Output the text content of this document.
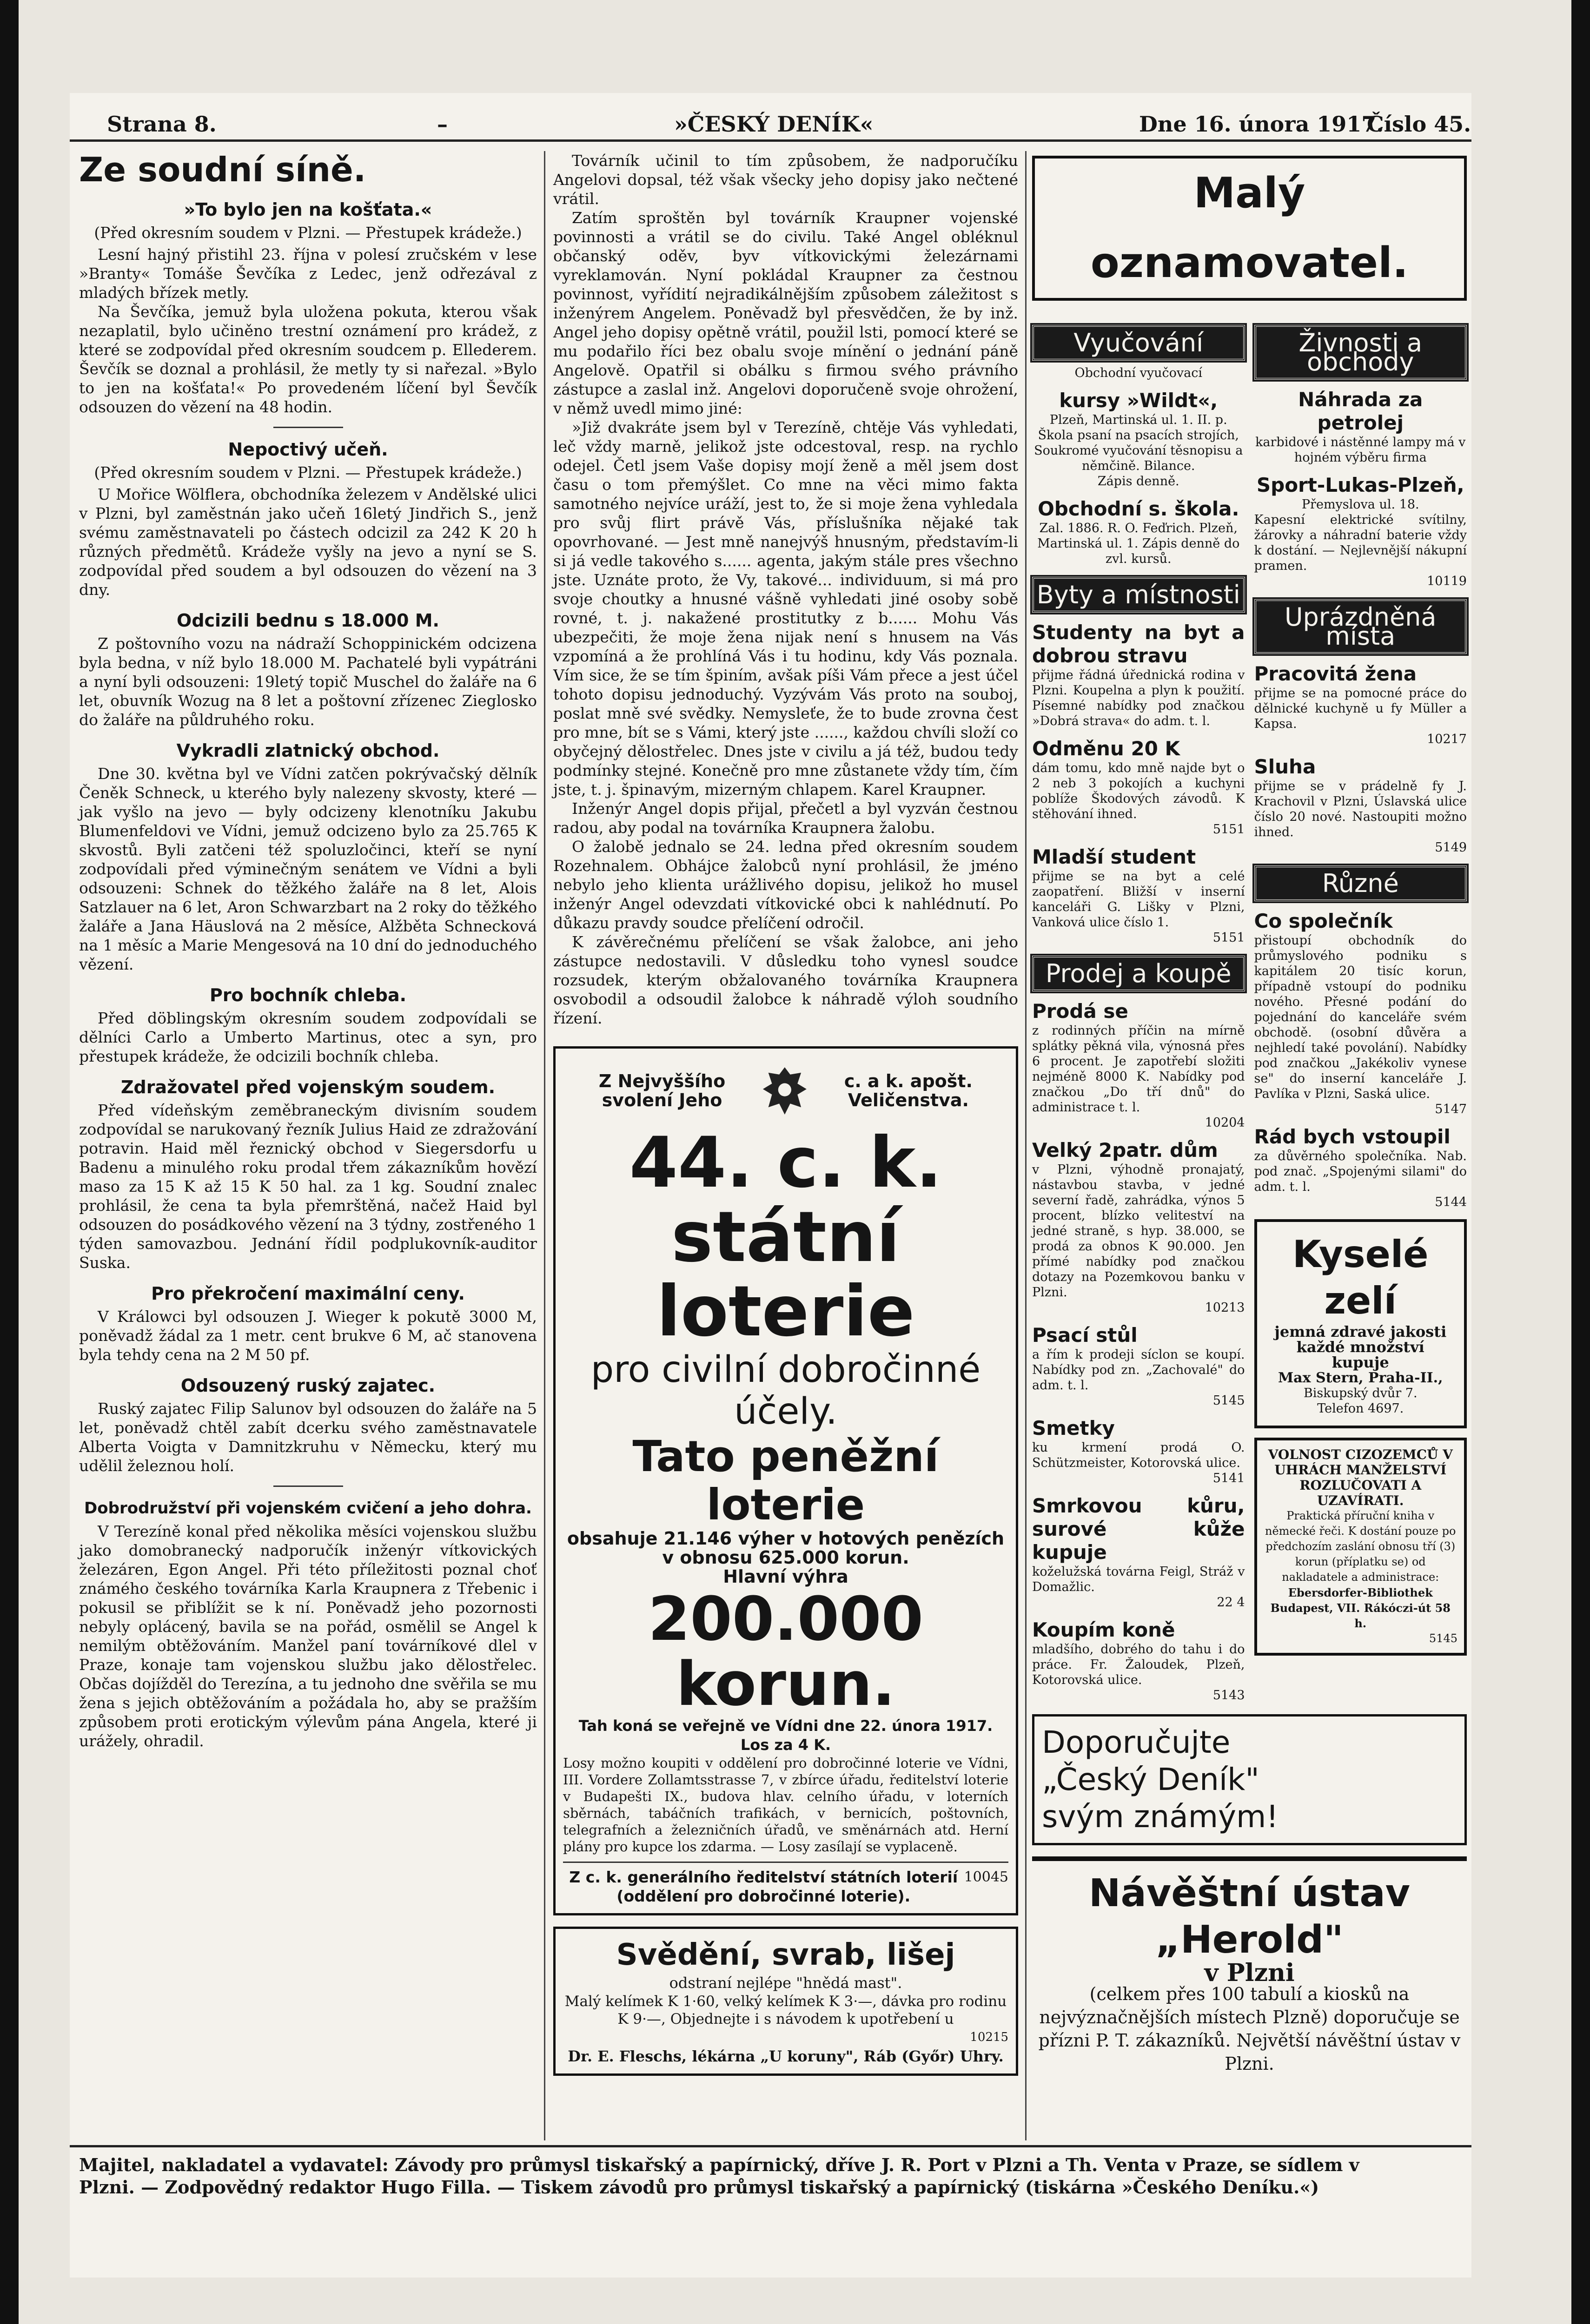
Strana 8.	–	»ČESKÝ DENÍK«	Dne 16. února 1917.
Číslo 45.
Ze soudní síně.
»To bylo jen na košťata.«
(Před okresním soudem v Plzni. — Přestupek krádeže.)

Lesní hajný přistihl 23. října v polesí zručském v lese »Branty« Tomáše Ševčíka z Ledec, jenž odřezával z mladých břízek metly.

Na Ševčíka, jemuž byla uložena pokuta, kterou však nezaplatil, bylo učiněno trestní oznámení pro krádež, z které se zodpovídal před okresním soudcem p. Ellederem. Ševčík se doznal a prohlásil, že metly ty si nařezal. »Bylo to jen na košťata!« Po provedeném líčení byl Ševčík odsouzen do vězení na 48 hodin.

Nepoctivý učeň.
(Před okresním soudem v Plzni. — Přestupek krádeže.)

U Mořice Wölflera, obchodníka železem v Andělské ulici v Plzni, byl zaměstnán jako učeň 16letý Jindřich S., jenž svému zaměstnavateli po částech odcizil za 242 K 20 h různých předmětů. Krádeže vyšly na jevo a nyní se S. zodpovídal před soudem a byl odsouzen do vězení na 3 dny.

Odcizili bednu s 18.000 M.

Z poštovního vozu na nádraží Schoppinickém odcizena byla bedna, v níž bylo 18.000 M. Pachatelé byli vypátráni a nyní byli odsouzeni: 19letý topič Muschel do žaláře na 6 let, obuvník Wozug na 8 let a poštovní zřízenec Zieglosko do žaláře na půldruhého roku.

Vykradli zlatnický obchod.

Dne 30. května byl ve Vídni zatčen pokrývačský dělník Čeněk Schneck, u kterého byly nalezeny skvosty, které — jak vyšlo na jevo — byly odcizeny klenotníku Jakubu Blumenfeldovi ve Vídni, jemuž odcizeno bylo za 25.765 K skvostů. Byli zatčeni též spoluzločinci, kteří se nyní zodpovídali před výminečným senátem ve Vídni a byli odsouzeni: Schnek do těžkého žaláře na 8 let, Alois Satzlauer na 6 let, Aron Schwarzbart na 2 roky do těžkého žaláře a Jana Häuslová na 2 měsíce, Alžběta Schnecková na 1 měsíc a Marie Mengesová na 10 dní do jednoduchého vězení.

Pro bochník chleba.

Před döblingským okresním soudem zodpovídali se dělníci Carlo a Umberto Martinus, otec a syn, pro přestupek krádeže, že odcizili bochník chleba.

Zdražovatel před vojenským soudem.

Před vídeňským zeměbraneckým divisním soudem zodpovídal se narukovaný řezník Julius Haid ze zdražování potravin. Haid měl řeznický obchod v Siegersdorfu u Badenu a minulého roku prodal třem zákazníkům hovězí maso za 15 K až 15 K 50 hal. za 1 kg. Soudní znalec prohlásil, že cena ta byla přemrštěná, načež Haid byl odsouzen do posádkového vězení na 3 týdny, zostřeného 1 týden samovazbou. Jednání řídil podplukovník-auditor Suska.

Pro překročení maximální ceny.

V Králowci byl odsouzen J. Wieger k pokutě 3000 M, poněvadž žádal za 1 metr. cent brukve 6 M, ač stanovena byla tehdy cena na 2 M 50 pf.

Odsouzený ruský zajatec.

Ruský zajatec Filip Salunov byl odsouzen do žaláře na 5 let, poněvadž chtěl zabít dcerku svého zaměstnavatele Alberta Voigta v Damnitzkruhu v Německu, který mu udělil železnou holí.

Dobrodružství při vojenském cvičení a jeho dohra.

V Terezíně konal před několika měsíci vojenskou službu jako domobranecký nadporučík inženýr vítkovických železáren, Egon Angel. Při této příležitosti poznal choť známého českého továrníka Karla Kraupnera z Třebenic i pokusil se přiblížit se k ní. Poněvadž jeho pozornosti nebyly oplácený, bavila se na pořád, osmělil se Angel k nemilým obtěžováním. Manžel paní továrníkové dlel v Praze, konaje tam vojenskou službu jako dělostřelec. Občas dojížděl do Terezína, a tu jednoho dne svěřila se mu žena s jejich obtěžováním a požádala ho, aby se pražším způsobem proti erotickým výlevům pána Angela, které ji urážely, ohradil.

Továrník učinil to tím způsobem, že nadporučíku Angelovi dopsal, též však všecky jeho dopisy jako nečtené vrátil.

Zatím sproštěn byl továrník Kraupner vojenské povinnosti a vrátil se do civilu. Také Angel obléknul občanský oděv, byv vítkovickými železárnami vyreklamován. Nyní pokládal Kraupner za čestnou povinnost, vyřídití nejradikálnějším způsobem záležitost s inženýrem Angelem. Poněvadž byl přesvědčen, že by inž. Angel jeho dopisy opětně vrátil, použil lsti, pomocí které se mu podařilo říci bez obalu svoje mínění o jednání páně Angelově. Opatřil si obálku s firmou svého právního zástupce a zaslal inž. Angelovi doporučeně svoje ohrožení, v němž uvedl mimo jiné:

»Již dvakráte jsem byl v Terezíně, chtěje Vás vyhledati, leč vždy marně, jelikož jste odcestoval, resp. na rychlo odejel. Četl jsem Vaše dopisy mojí ženě a měl jsem dost času o tom přemýšlet. Co mne na věci mimo fakta samotného nejvíce uráží, jest to, že si moje žena vyhledala pro svůj flirt právě Vás, příslušníka nějaké tak opovrhované. — Jest mně nanejvýš hnusným, představím-li si já vedle takového s...... agenta, jakým stále pres všechno jste. Uznáte proto, že Vy, takové... individuum, si má pro svoje choutky a hnusné vášně vyhledati jiné osoby sobě rovné, t. j. nakažené prostitutky z b...... Mohu Vás ubezpečiti, že moje žena nijak není s hnusem na Vás vzpomíná a že prohlíná Vás i tu hodinu, kdy Vás poznala. Vím sice, že se tím špiním, avšak píši Vám přece a jest účel tohoto dopisu jednoduchý. Vyzývám Vás proto na souboj, poslat mně své svědky. Nemysleťe, že to bude zrovna čest pro mne, bít se s Vámi, který jste ......, každou chvíli složí co obyčejný dělostřelec. Dnes jste v civilu a já též, budou tedy podmínky stejné. Konečně pro mne zůstanete vždy tím, čím jste, t. j. špinavým, mizerným chlapem. Karel Kraupner.

Inženýr Angel dopis přijal, přečetl a byl vyzván čestnou radou, aby podal na továrníka Kraupnera žalobu.

O žalobě jednalo se 24. ledna před okresním soudem Rozehnalem. Obhájce žalobců nyní prohlásil, že jméno nebylo jeho klienta urážlivého dopisu, jelikož ho musel inženýr Angel odevzdati vítkovické obci k nahlédnutí. Po důkazu pravdy soudce přelíčení odročil.

K závěrečnému přelíčení se však žalobce, ani jeho zástupce nedostavili. V důsledku toho vynesl soudce rozsudek, kterým obžalovaného továrníka Kraupnera osvobodil a odsoudil žalobce k náhradě výloh soudního řízení.

Z Nejvyššího svolení Jeho
c. a k. apošt. Veličenstva.
44. c. k. státní loterie
pro civilní dobročinné účely.
Tato peněžní loterie
obsahuje 21.146 výher v hotových penězích
v obnosu 625.000 korun.
Hlavní výhra
200.000 korun.
Tah koná se veřejně ve Vídni dne 22. února 1917. Los za 4 K.
Losy možno koupiti v oddělení pro dobročinné loterie ve Vídni, III. Vordere Zollamtsstrasse 7, v zbírce úřadu, ředitelství loterie v Budapešti IX., budova hlav. celního úřadu, v loterních sběrnách, tabáčních trafikách, v bernicích, poštovních, telegrafních a železničních úřadů, ve směnárnách atd. Herní plány pro kupce los zdarma. — Losy zasílají se vyplaceně.
Z c. k. generálního ředitelství státních loterií (oddělení pro dobročinné loterie).
10045
Svědění, svrab, lišej
odstraní nejlépe "hnědá mast".
Malý kelímek K 1·60, velký kelímek K 3·—, dávka pro rodinu K 9·—, Objednejte i s návodem k upotřebení u
10215
Dr. E. Fleschs, lékárna „U koruny", Ráb (Győr) Uhry.
Malý oznamovatel.
Vyučování
Obchodní vyučovací
kursy »Wildt«,
Plzeň, Martinská ul. 1. II. p. Škola psaní na psacích strojích, Soukromé vyučování těsnopisu a němčině. Bilance.
Zápis denně.
Obchodní s. škola.
Zal. 1886. R. O. Feďrich. Plzeň, Martinská ul. 1. Zápis denně do zvl. kursů.
Byty a místnosti
Studenty na byt a dobrou stravu
přijme řádná úřednická rodina v Plzni. Koupelna a plyn k použití. Písemné nabídky pod značkou »Dobrá strava« do adm. t. l.
Odměnu 20 K
dám tomu, kdo mně najde byt o 2 neb 3 pokojích a kuchyni poblíže Škodových závodů. K stěhování ihned.
5151
Mladší student
přijme se na byt a celé zaopatření. Bližší v inserní kanceláři G. Lišky v Plzni, Vanková ulice číslo 1.
5151
Prodej a koupě
Prodá se
z rodinných příčin na mírně splátky pěkná vila, výnosná přes 6 procent. Je zapotřebí složiti nejméně 8000 K. Nabídky pod značkou „Do tří dnů" do administrace t. l.
10204
Velký 2patr. dům
v Plzni, výhodně pronajatý, nástavbou stavba, v jedné severní řadě, zahrádka, výnos 5 procent, blízko veliteství na jedné straně, s hyp. 38.000, se prodá za obnos K 90.000. Jen přímé nabídky pod značkou dotazy na Pozemkovou banku v Plzni.
10213
Psací stůl
a řím k prodeji síclon se koupí. Nabídky pod zn. „Zachovalé" do adm. t. l.
5145
Smetky
ku krmení prodá O. Schützmeister, Kotorovská ulice.
5141
Smrkovou kůru, surové kůže kupuje
koželužská továrna Feigl, Stráž v Domažlic.
22 4
Koupím koně
mladšího, dobrého do tahu i do práce. Fr. Žaloudek, Plzeň, Kotorovská ulice.
5143
Živnosti a obchody
Náhrada za petrolej
karbidové i nástěnné lampy má v hojném výběru firma
Sport-Lukas-Plzeň,
Přemyslova ul. 18.
Kapesní elektrické svítilny, žárovky a náhradní baterie vždy k dostání. — Nejlevnější nákupní pramen.
10119
Uprázdněná místa
Pracovitá žena
přijme se na pomocné práce do dělnické kuchyně u fy Müller a Kapsa.
10217
Sluha
přijme se v prádelně fy J. Krachovil v Plzni, Úslavská ulice číslo 20 nové. Nastoupiti možno ihned.
5149
Různé
Co společník
přistoupí obchodník do průmyslového podniku s kapitálem 20 tisíc korun, případně vstoupí do podniku nového. Přesné podání do pojednání do kanceláře svém obchodě. (osobní důvěra a nejhledí také povolání). Nabídky pod značkou „Jakékoliv vynese se" do inserní kanceláře J. Pavlíka v Plzni, Saská ulice.
5147
Rád bych vstoupil
za důvěrného společníka. Nab. pod znač. „Spojenými silami" do adm. t. l.
5144
Kyselé zelí
jemná zdravé jakosti každé množství kupuje
Max Stern, Praha-II.,
Biskupský dvůr 7.
Telefon 4697.
VOLNOST CIZOZEMCŮ V UHRÁCH MANŽELSTVÍ ROZLUČOVATI A UZAVÍRATI.
Praktická příruční kniha v německé řeči. K dostání pouze po předchozím zaslání obnosu tří (3) korun (příplatku se) od nakladatele a administrace:
Ebersdorfer-Bibliothek Budapest, VII. Rákóczi-út 58 h.
5145
Doporučujte
„Český Deník"
svým známým!
Návěštní ústav „Herold"
v Plzni
(celkem přes 100 tabulí a kiosků na nejvýznačnějších místech Plzně) doporučuje se přízni P. T. zákazníků. Největší návěštní ústav v Plzni.
Majitel, nakladatel a vydavatel: Závody pro průmysl tiskařský a papírnický, dříve J. R. Port v Plzni a Th. Venta v Praze, se sídlem v
Plzni. — Zodpovědný redaktor Hugo Filla. — Tiskem závodů pro průmysl tiskařský a papírnický (tiskárna »Českého Deníku.«)
